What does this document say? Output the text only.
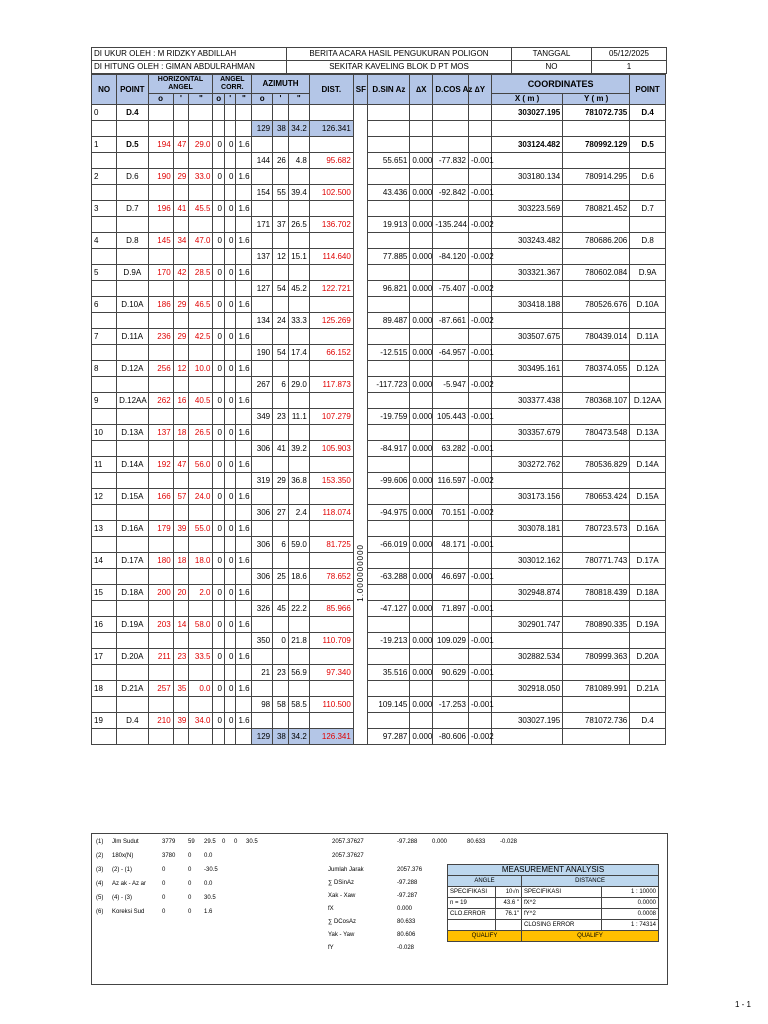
DI UKUR OLEH : M RIDZKY ABDILLAH	BERITA ACARA HASIL PENGUKURAN POLIGON	TANGGAL	05/12/2025
DI HITUNG OLEH : GIMAN ABDULRAHMAN	SEKITAR KAVELING BLOK D PT MOS	NO	1
NO	POINT	HORIZONTAL ANGEL			ANGEL CORR.			AZIMUTH			DIST.	SF	D.SIN Az	∆X	D.COS Az	∆Y	COORDINATES		POINT
		o	'	"	o	'	"	o	'	"							X ( m )	Y ( m )	
0	D.4											1.000000000					303027.195	781072.735	D.4
								129	38	34.2	126.341								
1	D.5	194	47	29.0	0	0	1.6										303124.482	780992.129	D.5
								144	26	4.8	95.682		55.651	0.000	-77.832	-0.001			
2	D.6	190	29	33.0	0	0	1.6										303180.134	780914.295	D.6
								154	55	39.4	102.500		43.436	0.000	-92.842	-0.001			
3	D.7	196	41	45.5	0	0	1.6										303223.569	780821.452	D.7
								171	37	26.5	136.702		19.913	0.000	-135.244	-0.002			
4	D.8	145	34	47.0	0	0	1.6										303243.482	780686.206	D.8
								137	12	15.1	114.640		77.885	0.000	-84.120	-0.002			
5	D.9A	170	42	28.5	0	0	1.6										303321.367	780602.084	D.9A
								127	54	45.2	122.721		96.821	0.000	-75.407	-0.002			
6	D.10A	186	29	46.5	0	0	1.6										303418.188	780526.676	D.10A
								134	24	33.3	125.269		89.487	0.000	-87.661	-0.002			
7	D.11A	236	29	42.5	0	0	1.6										303507.675	780439.014	D.11A
								190	54	17.4	66.152		-12.515	0.000	-64.957	-0.001			
8	D.12A	256	12	10.0	0	0	1.6										303495.161	780374.055	D.12A
								267	6	29.0	117.873		-117.723	0.000	-5.947	-0.002			
9	D.12AA	262	16	40.5	0	0	1.6										303377.438	780368.107	D.12AA
								349	23	11.1	107.279		-19.759	0.000	105.443	-0.001			
10	D.13A	137	18	26.5	0	0	1.6										303357.679	780473.548	D.13A
								306	41	39.2	105.903		-84.917	0.000	63.282	-0.001			
11	D.14A	192	47	56.0	0	0	1.6										303272.762	780536.829	D.14A
								319	29	36.8	153.350		-99.606	0.000	116.597	-0.002			
12	D.15A	166	57	24.0	0	0	1.6										303173.156	780653.424	D.15A
								306	27	2.4	118.074		-94.975	0.000	70.151	-0.002			
13	D.16A	179	39	55.0	0	0	1.6										303078.181	780723.573	D.16A
								306	6	59.0	81.725		-66.019	0.000	48.171	-0.001			
14	D.17A	180	18	18.0	0	0	1.6										303012.162	780771.743	D.17A
								306	25	18.6	78.652		-63.288	0.000	46.697	-0.001			
15	D.18A	200	20	2.0	0	0	1.6										302948.874	780818.439	D.18A
								326	45	22.2	85.966		-47.127	0.000	71.897	-0.001			
16	D.19A	203	14	58.0	0	0	1.6										302901.747	780890.335	D.19A
								350	0	21.8	110.709		-19.213	0.000	109.029	-0.001			
17	D.20A	211	23	33.5	0	0	1.6										302882.534	780999.363	D.20A
								21	23	56.9	97.340		35.516	0.000	90.629	-0.001			
18	D.21A	257	35	0.0	0	0	1.6										302918.050	781089.991	D.21A
								98	58	58.5	110.500		109.145	0.000	-17.253	-0.001			
19	D.4	210	39	34.0	0	0	1.6										303027.195	781072.736	D.4
								129	38	34.2	126.341		97.287	0.000	-80.606	-0.002			
(1) Jlm Sudut	3779 59 29.5 0 0 30.5
(2) 180x(N)	3780 0 0.0
(3) (2) - (1)	0	0 -30.5
(4) Az ak - Az ar	0	0 0.0
(5) (4) - (3)	0	0 30.5
(6) Koreksi Sud	0	0 1.6
2057.37627
2057.37627
-97.288 0.000	80.633 -0.028
Jumlah Jarak	2057.376
∑ DSinAz	-97.288
Xak - Xaw	-97.287
fX	0.000
∑ DCosAz	80.633
Yak - Yaw	80.606
fY	-0.028
MEASUREMENT ANALYSIS			
ANGLE		DISTANCE	
SPECIFIKASI	10√n	SPECIFIKASI	1 : 10000
n = 19	43.6 "	fX^2	0.0000
CLO.ERROR	76.1"	fY^2	0.0008
		CLOSING ERROR	1 : 74314
QUALIFY		QUALIFY	
1 - 1
